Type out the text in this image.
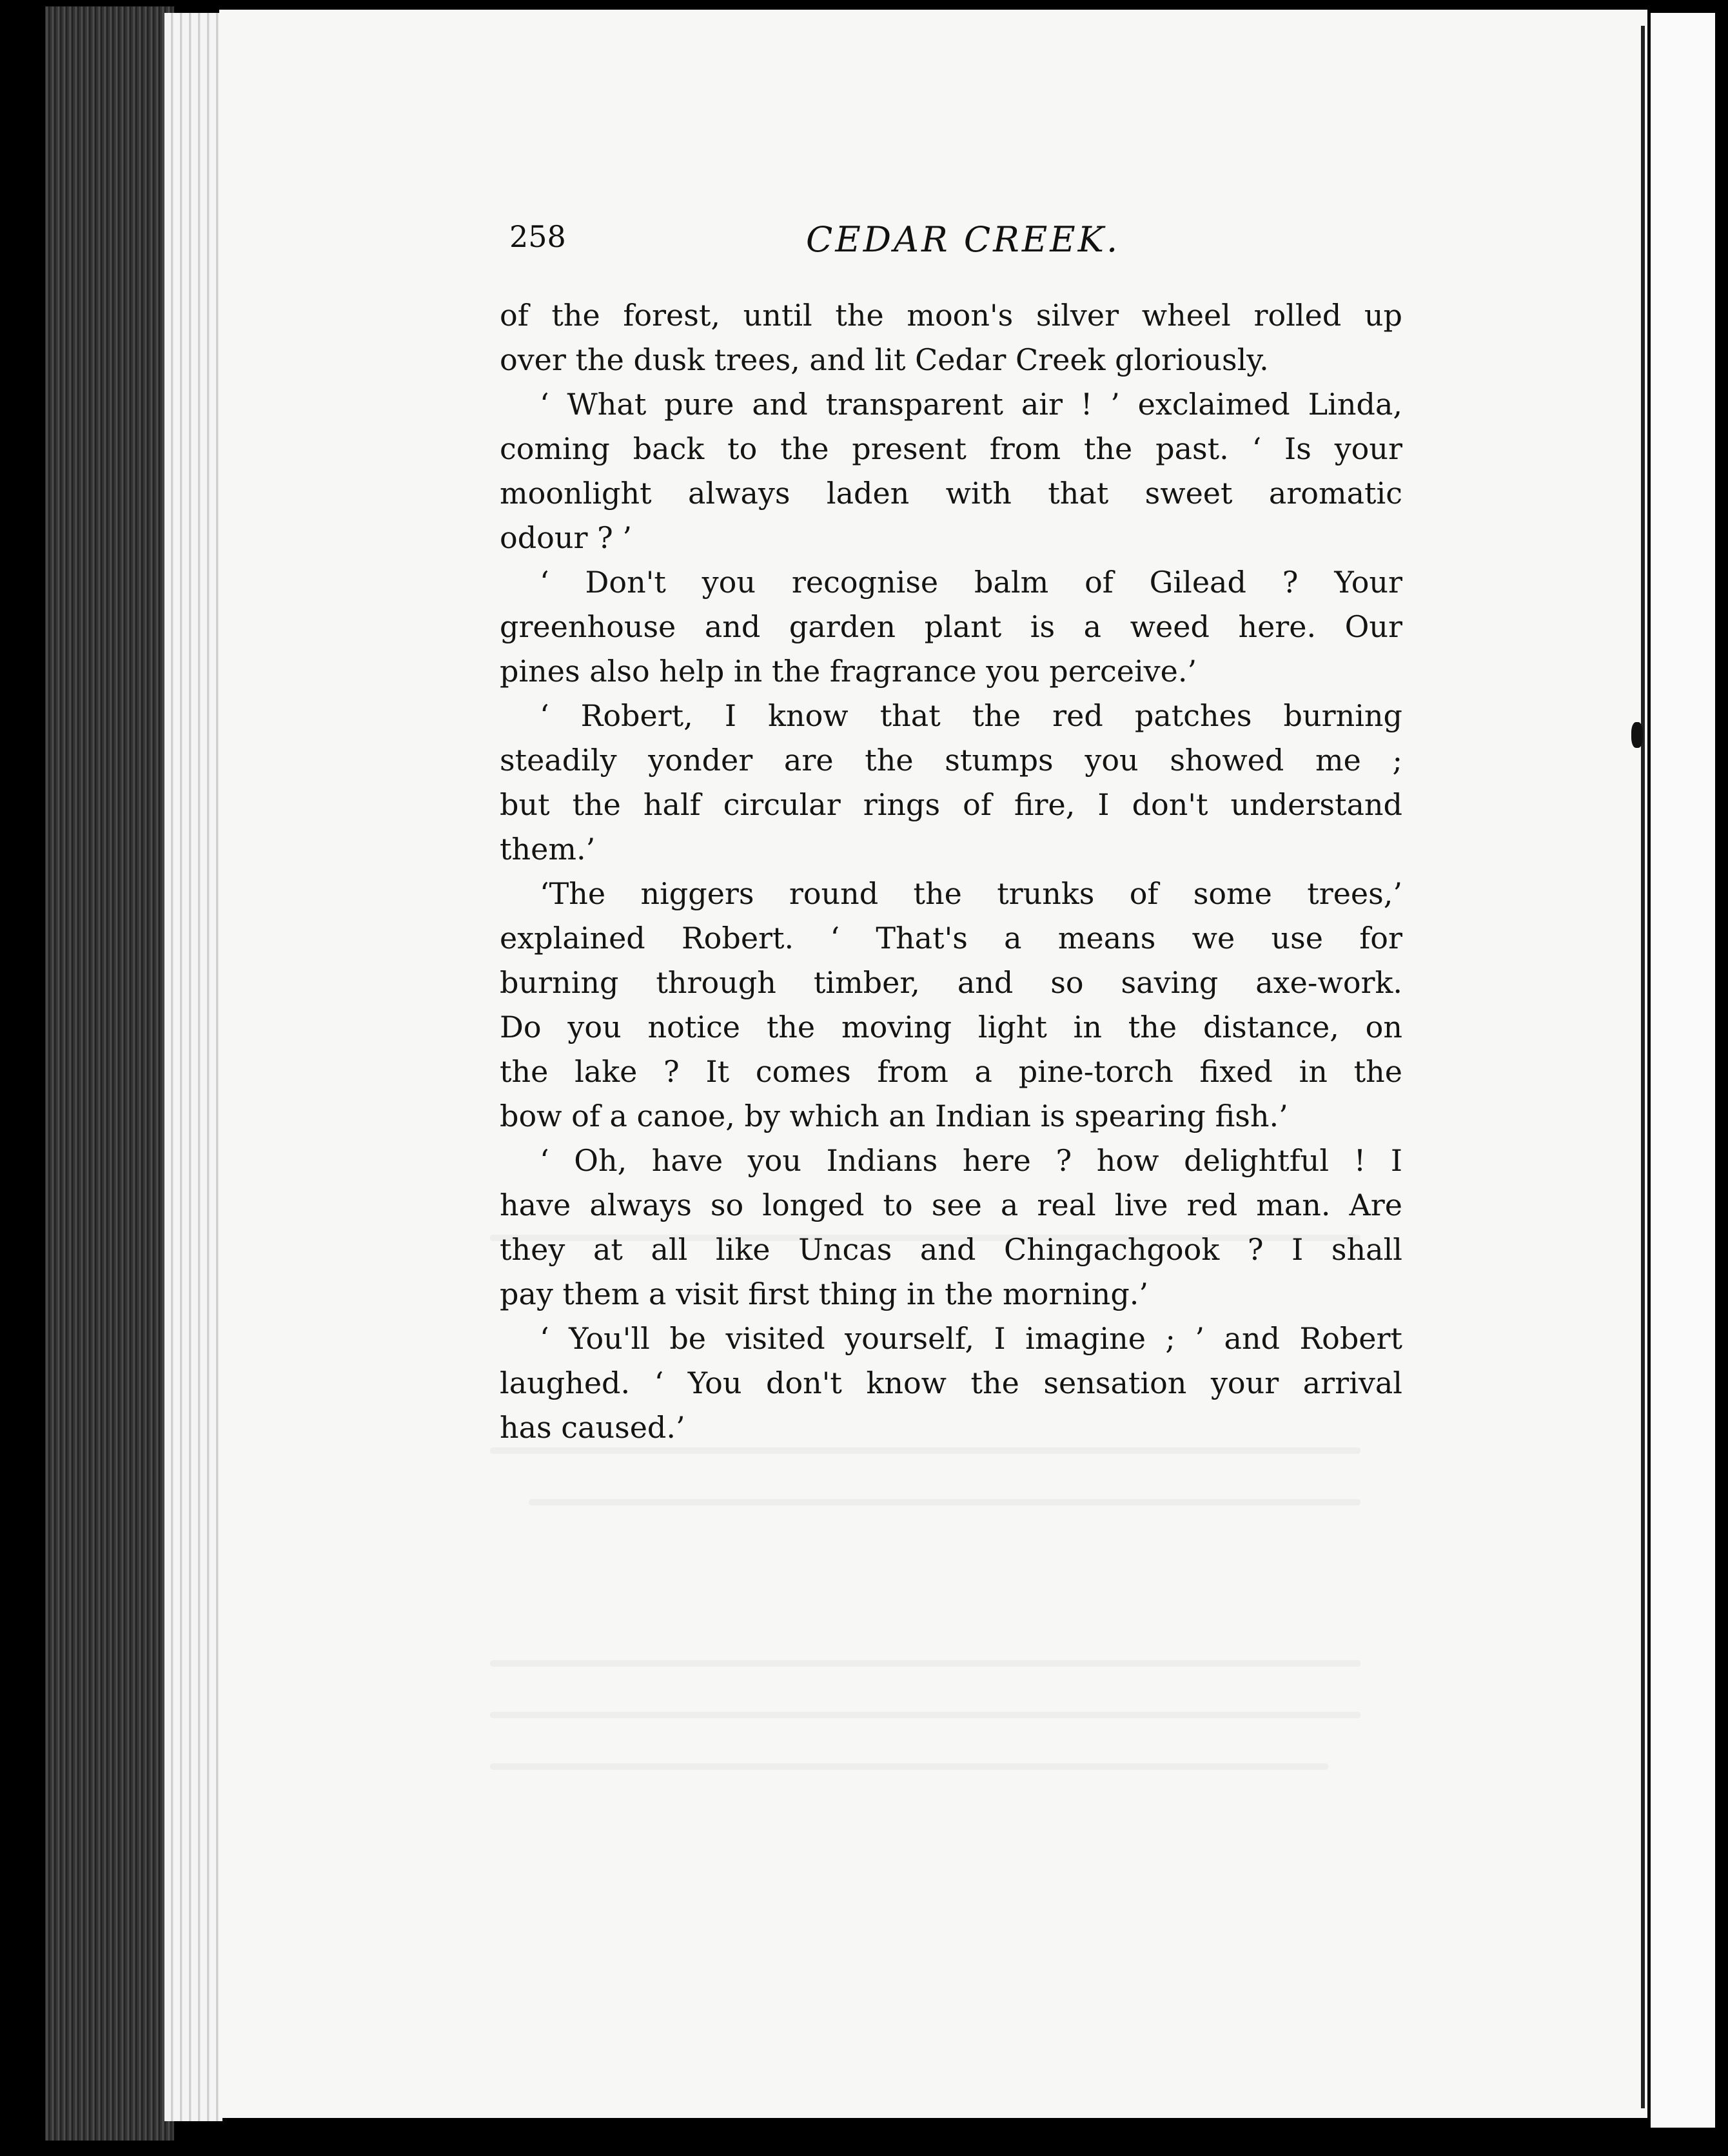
258	CEDAR CREEK.
of the forest, until the moon's silver wheel rolled up
over the dusk trees, and lit Cedar Creek gloriously.
‘ What pure and transparent air ! ’ exclaimed Linda,
coming back to the present from the past. ‘ Is your
moonlight always laden with that sweet aromatic
odour ? ’
‘ Don't you recognise balm of Gilead ? Your
greenhouse and garden plant is a weed here. Our
pines also help in the fragrance you perceive.’
‘ Robert, I know that the red patches burning
steadily yonder are the stumps you showed me ;
but the half circular rings of fire, I don't understand
them.’
‘The niggers round the trunks of some trees,’
explained Robert. ‘ That's a means we use for
burning through timber, and so saving axe-work.
Do you notice the moving light in the distance, on
the lake ? It comes from a pine-torch fixed in the
bow of a canoe, by which an Indian is spearing fish.’
‘ Oh, have you Indians here ? how delightful ! I
have always so longed to see a real live red man. Are
they at all like Uncas and Chingachgook ? I shall
pay them a visit first thing in the morning.’
‘ You'll be visited yourself, I imagine ; ’ and Robert
laughed. ‘ You don't know the sensation your arrival
has caused.’
